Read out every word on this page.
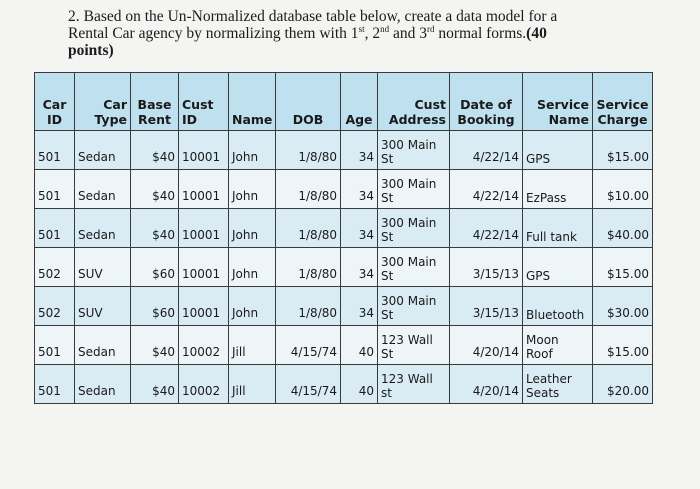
2. Based on the Un-Normalized database table below, create a data model for a
Rental Car agency by normalizing them with 1st, 2nd and 3rd normal forms.(40
points)
Car ID	Car Type	Base Rent	Cust ID	Name	DOB	Age	Cust Address	Date of Booking	Service Name	Service Charge
501	Sedan	$40	10001	John	1/8/80	34	300 Main St	4/22/14	GPS	$15.00
501	Sedan	$40	10001	John	1/8/80	34	300 Main St	4/22/14	EzPass	$10.00
501	Sedan	$40	10001	John	1/8/80	34	300 Main St	4/22/14	Full tank	$40.00
502	SUV	$60	10001	John	1/8/80	34	300 Main St	3/15/13	GPS	$15.00
502	SUV	$60	10001	John	1/8/80	34	300 Main St	3/15/13	Bluetooth	$30.00
501	Sedan	$40	10002	Jill	4/15/74	40	123 Wall St	4/20/14	Moon Roof	$15.00
501	Sedan	$40	10002	Jill	4/15/74	40	123 Wall st	4/20/14	Leather Seats	$20.00
